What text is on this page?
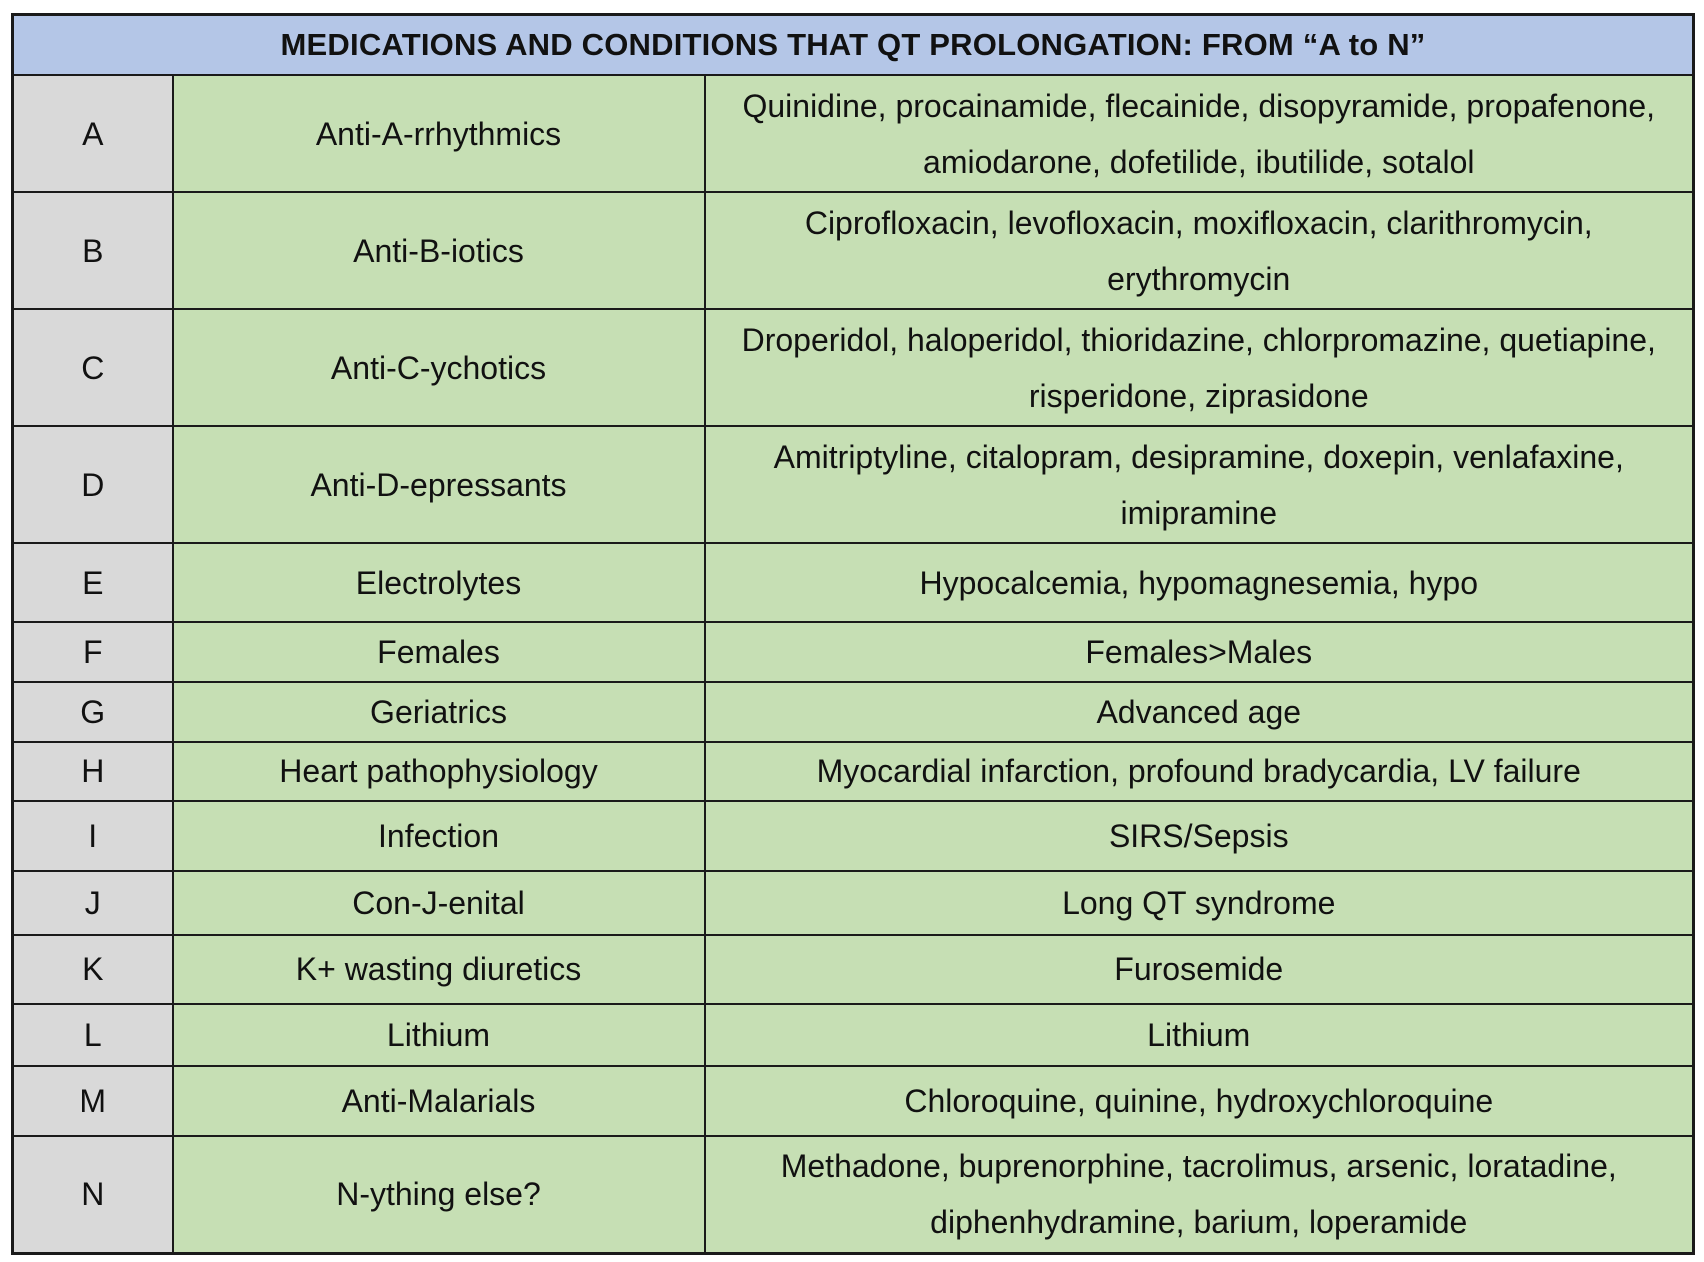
MEDICATIONS AND CONDITIONS THAT QT PROLONGATION: FROM “A to N”		
A	Anti-A-rrhythmics	Quinidine, procainamide, flecainide, disopyramide, propafenone, amiodarone, dofetilide, ibutilide, sotalol
B	Anti-B-iotics	Ciprofloxacin, levofloxacin, moxifloxacin, clarithromycin, erythromycin
C	Anti-C-ychotics	Droperidol, haloperidol, thioridazine, chlorpromazine, quetiapine, risperidone, ziprasidone
D	Anti-D-epressants	Amitriptyline, citalopram, desipramine, doxepin, venlafaxine, imipramine
E	Electrolytes	Hypocalcemia, hypomagnesemia, hypo
F	Females	Females>Males
G	Geriatrics	Advanced age
H	Heart pathophysiology	Myocardial infarction, profound bradycardia, LV failure
I	Infection	SIRS/Sepsis
J	Con-J-enital	Long QT syndrome
K	K+ wasting diuretics	Furosemide
L	Lithium	Lithium
M	Anti-Malarials	Chloroquine, quinine, hydroxychloroquine
N	N-ything else?	Methadone, buprenorphine, tacrolimus, arsenic, loratadine, diphenhydramine, barium, loperamide
